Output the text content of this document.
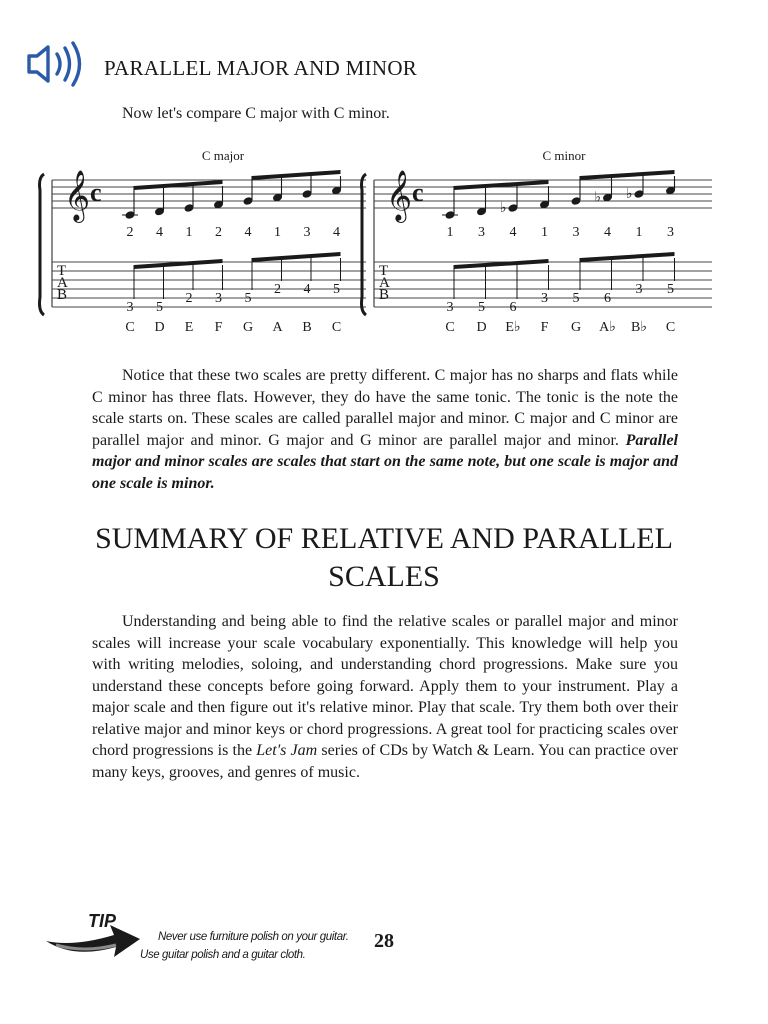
PARALLEL MAJOR AND MINOR
Now let's compare C major with C minor.
C major
𝄞 c
T
A
B
2
3
C
4
5
D
1
2
E
2
3
F
4
5
G
1
2
A
3
4
B
4
5
C
C minor
𝄞 c
T
A
B
1
3
C
3
5
D
♭
4
6
E♭
1
3
F
3
5
G
♭
4
6
A♭
♭
1
3
B♭
3
5
C

Notice that these two scales are pretty different. C major has no sharps and flats while C minor has three flats. However, they do have the same tonic. The tonic is the note the scale starts on. These scales are called parallel major and minor. C major and C minor are parallel major and minor. G major and G minor are parallel major and minor. Parallel major and minor scales are scales that start on the same note, but one scale is major and one scale is minor.

SUMMARY OF RELATIVE AND PARALLEL SCALES

Understanding and being able to find the relative scales or parallel major and minor scales will increase your scale vocabulary exponentially. This knowledge will help you with writing melodies, soloing, and understanding chord progressions. Make sure you understand these concepts before going forward. Apply them to your instrument. Play a major scale and then figure out it's relative minor. Play that scale. Try them both over their relative major and minor keys or chord progressions. A great tool for practicing scales over chord progressions is the Let's Jam series of CDs by Watch & Learn. You can practice over many keys, grooves, and genres of music.

TIP
Never use furniture polish on your guitar.
Use guitar polish and a guitar cloth.
28
